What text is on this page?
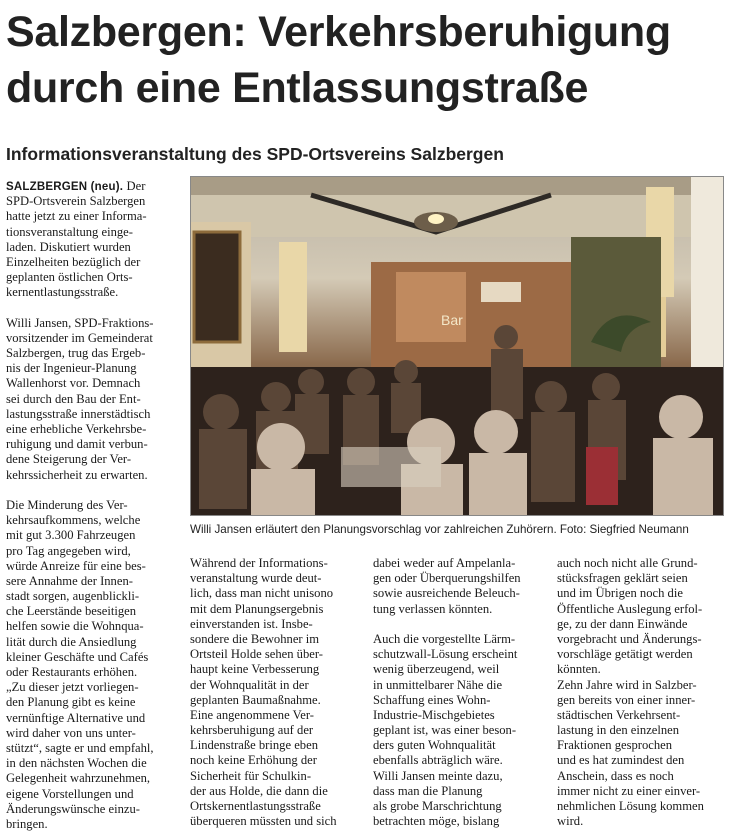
Salzbergen: Verkehrsberuhigung
durch eine Entlassungstraße
Informationsveranstaltung des SPD-Ortsvereins Salzbergen
SALZBERGEN (neu). Der
SPD-Ortsverein Salzbergen
hatte jetzt zu einer Informa-
tionsveranstaltung einge-
laden. Diskutiert wurden
Einzelheiten bezüglich der
geplanten östlichen Orts-
kernentlastungsstraße.
Willi Jansen, SPD-Fraktions-
vorsitzender im Gemeinderat
Salzbergen, trug das Ergeb-
nis der Ingenieur-Planung
Wallenhorst vor. Demnach
sei durch den Bau der Ent-
lastungsstraße innerstädtisch
eine erhebliche Verkehrsbe-
ruhigung und damit verbun-
dene Steigerung der Ver-
kehrssicherheit zu erwarten.
Die Minderung des Ver-
kehrsaufkommens, welche
mit gut 3.300 Fahrzeugen
pro Tag angegeben wird,
würde Anreize für eine bes-
sere Annahme der Innen-
stadt sorgen, augenblickli-
che Leerstände beseitigen
helfen sowie die Wohnqua-
lität durch die Ansiedlung
kleiner Geschäfte und Cafés
oder Restaurants erhöhen.
„Zu dieser jetzt vorliegen-
den Planung gibt es keine
vernünftige Alternative und
wird daher von uns unter-
stützt“, sagte er und empfahl,
in den nächsten Wochen die
Gelegenheit wahrzunehmen,
eigene Vorstellungen und
Änderungswünsche einzu-
bringen.
Bar
Willi Jansen erläutert den Planungsvorschlag vor zahlreichen Zuhörern. Foto: Siegfried Neumann
Während der Informations-
veranstaltung wurde deut-
lich, dass man nicht unisono
mit dem Planungsergebnis
einverstanden ist. Insbe-
sondere die Bewohner im
Ortsteil Holde sehen über-
haupt keine Verbesserung
der Wohnqualität in der
geplanten Baumaßnahme.
Eine angenommene Ver-
kehrsberuhigung auf der
Lindenstraße bringe eben
noch keine Erhöhung der
Sicherheit für Schulkin-
der aus Holde, die dann die
Ortskernentlastungsstraße
überqueren müssten und sich
dabei weder auf Ampelanla-
gen oder Überquerungshilfen
sowie ausreichende Beleuch-
tung verlassen könnten.
Auch die vorgestellte Lärm-
schutzwall-Lösung erscheint
wenig überzeugend, weil
in unmittelbarer Nähe die
Schaffung eines Wohn-
Industrie-Mischgebietes
geplant ist, was einer beson-
ders guten Wohnqualität
ebenfalls abträglich wäre.
Willi Jansen meinte dazu,
dass man die Planung
als grobe Marschrichtung
betrachten möge, bislang
auch noch nicht alle Grund-
stücksfragen geklärt seien
und im Übrigen noch die
Öffentliche Auslegung erfol-
ge, zu der dann Einwände
vorgebracht und Änderungs-
vorschläge getätigt werden
könnten.
Zehn Jahre wird in Salzber-
gen bereits von einer inner-
städtischen Verkehrsent-
lastung in den einzelnen
Fraktionen gesprochen
und es hat zumindest den
Anschein, dass es noch
immer nicht zu einer einver-
nehmlichen Lösung kommen
wird.
